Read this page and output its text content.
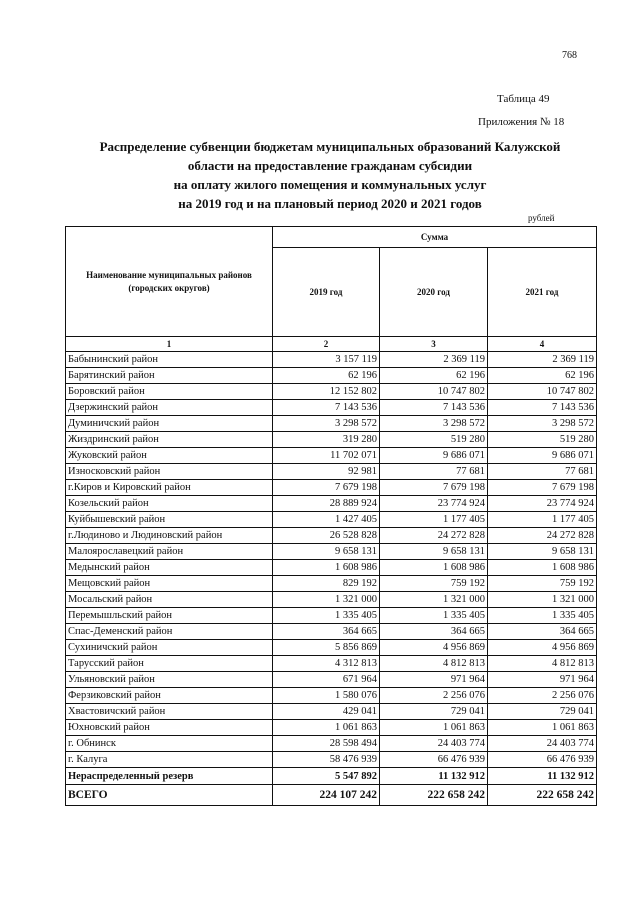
768
Таблица 49
Приложения № 18
Распределение субвенции бюджетам муниципальных образований Калужской
области на предоставление гражданам субсидии
на оплату жилого помещения и коммунальных услуг
на 2019 год и на плановый период 2020 и 2021 годов
рублей
Наименование муниципальных районов (городских округов)	Сумма		
	2019 год	2020 год	2021 год
1	2	3	4
Бабынинский район	3 157 119	2 369 119	2 369 119
Барятинский район	62 196	62 196	62 196
Боровский район	12 152 802	10 747 802	10 747 802
Дзержинский район	7 143 536	7 143 536	7 143 536
Думиничский район	3 298 572	3 298 572	3 298 572
Жиздринский район	319 280	519 280	519 280
Жуковский район	11 702 071	9 686 071	9 686 071
Износковский район	92 981	77 681	77 681
г.Киров и Кировский район	7 679 198	7 679 198	7 679 198
Козельский район	28 889 924	23 774 924	23 774 924
Куйбышевский район	1 427 405	1 177 405	1 177 405
г.Людиново и Людиновский район	26 528 828	24 272 828	24 272 828
Малоярославецкий район	9 658 131	9 658 131	9 658 131
Медынский район	1 608 986	1 608 986	1 608 986
Мещовский район	829 192	759 192	759 192
Мосальский район	1 321 000	1 321 000	1 321 000
Перемышльский район	1 335 405	1 335 405	1 335 405
Спас-Деменский район	364 665	364 665	364 665
Сухиничский район	5 856 869	4 956 869	4 956 869
Тарусский район	4 312 813	4 812 813	4 812 813
Ульяновский район	671 964	971 964	971 964
Ферзиковский район	1 580 076	2 256 076	2 256 076
Хвастовичский район	429 041	729 041	729 041
Юхновский район	1 061 863	1 061 863	1 061 863
г. Обнинск	28 598 494	24 403 774	24 403 774
г. Калуга	58 476 939	66 476 939	66 476 939
Нераспределенный резерв	5 547 892	11 132 912	11 132 912
ВСЕГО	224 107 242	222 658 242	222 658 242
